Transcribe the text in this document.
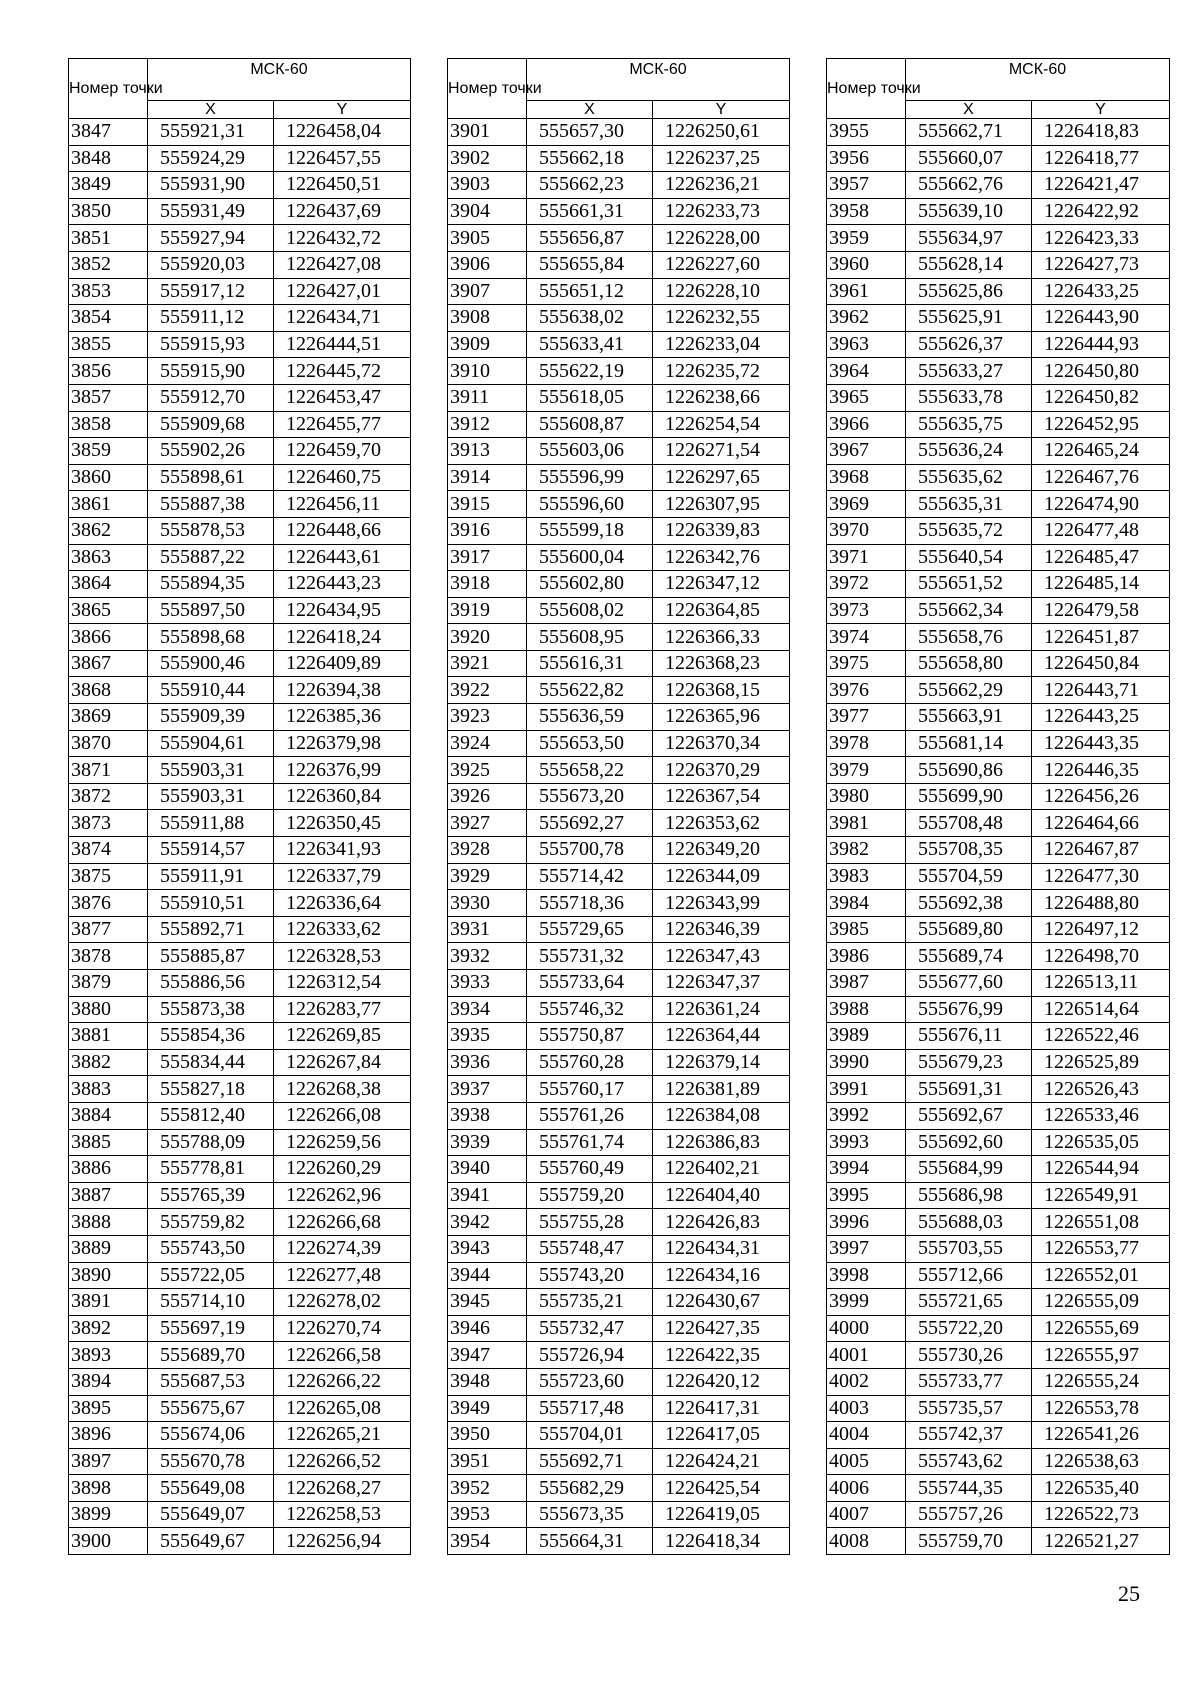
Номер точки	МСК-60	
	X	Y
3847	555921,31	1226458,04
3848	555924,29	1226457,55
3849	555931,90	1226450,51
3850	555931,49	1226437,69
3851	555927,94	1226432,72
3852	555920,03	1226427,08
3853	555917,12	1226427,01
3854	555911,12	1226434,71
3855	555915,93	1226444,51
3856	555915,90	1226445,72
3857	555912,70	1226453,47
3858	555909,68	1226455,77
3859	555902,26	1226459,70
3860	555898,61	1226460,75
3861	555887,38	1226456,11
3862	555878,53	1226448,66
3863	555887,22	1226443,61
3864	555894,35	1226443,23
3865	555897,50	1226434,95
3866	555898,68	1226418,24
3867	555900,46	1226409,89
3868	555910,44	1226394,38
3869	555909,39	1226385,36
3870	555904,61	1226379,98
3871	555903,31	1226376,99
3872	555903,31	1226360,84
3873	555911,88	1226350,45
3874	555914,57	1226341,93
3875	555911,91	1226337,79
3876	555910,51	1226336,64
3877	555892,71	1226333,62
3878	555885,87	1226328,53
3879	555886,56	1226312,54
3880	555873,38	1226283,77
3881	555854,36	1226269,85
3882	555834,44	1226267,84
3883	555827,18	1226268,38
3884	555812,40	1226266,08
3885	555788,09	1226259,56
3886	555778,81	1226260,29
3887	555765,39	1226262,96
3888	555759,82	1226266,68
3889	555743,50	1226274,39
3890	555722,05	1226277,48
3891	555714,10	1226278,02
3892	555697,19	1226270,74
3893	555689,70	1226266,58
3894	555687,53	1226266,22
3895	555675,67	1226265,08
3896	555674,06	1226265,21
3897	555670,78	1226266,52
3898	555649,08	1226268,27
3899	555649,07	1226258,53
3900	555649,67	1226256,94
Номер точки	МСК-60	
	X	Y
3901	555657,30	1226250,61
3902	555662,18	1226237,25
3903	555662,23	1226236,21
3904	555661,31	1226233,73
3905	555656,87	1226228,00
3906	555655,84	1226227,60
3907	555651,12	1226228,10
3908	555638,02	1226232,55
3909	555633,41	1226233,04
3910	555622,19	1226235,72
3911	555618,05	1226238,66
3912	555608,87	1226254,54
3913	555603,06	1226271,54
3914	555596,99	1226297,65
3915	555596,60	1226307,95
3916	555599,18	1226339,83
3917	555600,04	1226342,76
3918	555602,80	1226347,12
3919	555608,02	1226364,85
3920	555608,95	1226366,33
3921	555616,31	1226368,23
3922	555622,82	1226368,15
3923	555636,59	1226365,96
3924	555653,50	1226370,34
3925	555658,22	1226370,29
3926	555673,20	1226367,54
3927	555692,27	1226353,62
3928	555700,78	1226349,20
3929	555714,42	1226344,09
3930	555718,36	1226343,99
3931	555729,65	1226346,39
3932	555731,32	1226347,43
3933	555733,64	1226347,37
3934	555746,32	1226361,24
3935	555750,87	1226364,44
3936	555760,28	1226379,14
3937	555760,17	1226381,89
3938	555761,26	1226384,08
3939	555761,74	1226386,83
3940	555760,49	1226402,21
3941	555759,20	1226404,40
3942	555755,28	1226426,83
3943	555748,47	1226434,31
3944	555743,20	1226434,16
3945	555735,21	1226430,67
3946	555732,47	1226427,35
3947	555726,94	1226422,35
3948	555723,60	1226420,12
3949	555717,48	1226417,31
3950	555704,01	1226417,05
3951	555692,71	1226424,21
3952	555682,29	1226425,54
3953	555673,35	1226419,05
3954	555664,31	1226418,34
Номер точки	МСК-60	
	X	Y
3955	555662,71	1226418,83
3956	555660,07	1226418,77
3957	555662,76	1226421,47
3958	555639,10	1226422,92
3959	555634,97	1226423,33
3960	555628,14	1226427,73
3961	555625,86	1226433,25
3962	555625,91	1226443,90
3963	555626,37	1226444,93
3964	555633,27	1226450,80
3965	555633,78	1226450,82
3966	555635,75	1226452,95
3967	555636,24	1226465,24
3968	555635,62	1226467,76
3969	555635,31	1226474,90
3970	555635,72	1226477,48
3971	555640,54	1226485,47
3972	555651,52	1226485,14
3973	555662,34	1226479,58
3974	555658,76	1226451,87
3975	555658,80	1226450,84
3976	555662,29	1226443,71
3977	555663,91	1226443,25
3978	555681,14	1226443,35
3979	555690,86	1226446,35
3980	555699,90	1226456,26
3981	555708,48	1226464,66
3982	555708,35	1226467,87
3983	555704,59	1226477,30
3984	555692,38	1226488,80
3985	555689,80	1226497,12
3986	555689,74	1226498,70
3987	555677,60	1226513,11
3988	555676,99	1226514,64
3989	555676,11	1226522,46
3990	555679,23	1226525,89
3991	555691,31	1226526,43
3992	555692,67	1226533,46
3993	555692,60	1226535,05
3994	555684,99	1226544,94
3995	555686,98	1226549,91
3996	555688,03	1226551,08
3997	555703,55	1226553,77
3998	555712,66	1226552,01
3999	555721,65	1226555,09
4000	555722,20	1226555,69
4001	555730,26	1226555,97
4002	555733,77	1226555,24
4003	555735,57	1226553,78
4004	555742,37	1226541,26
4005	555743,62	1226538,63
4006	555744,35	1226535,40
4007	555757,26	1226522,73
4008	555759,70	1226521,27
25
